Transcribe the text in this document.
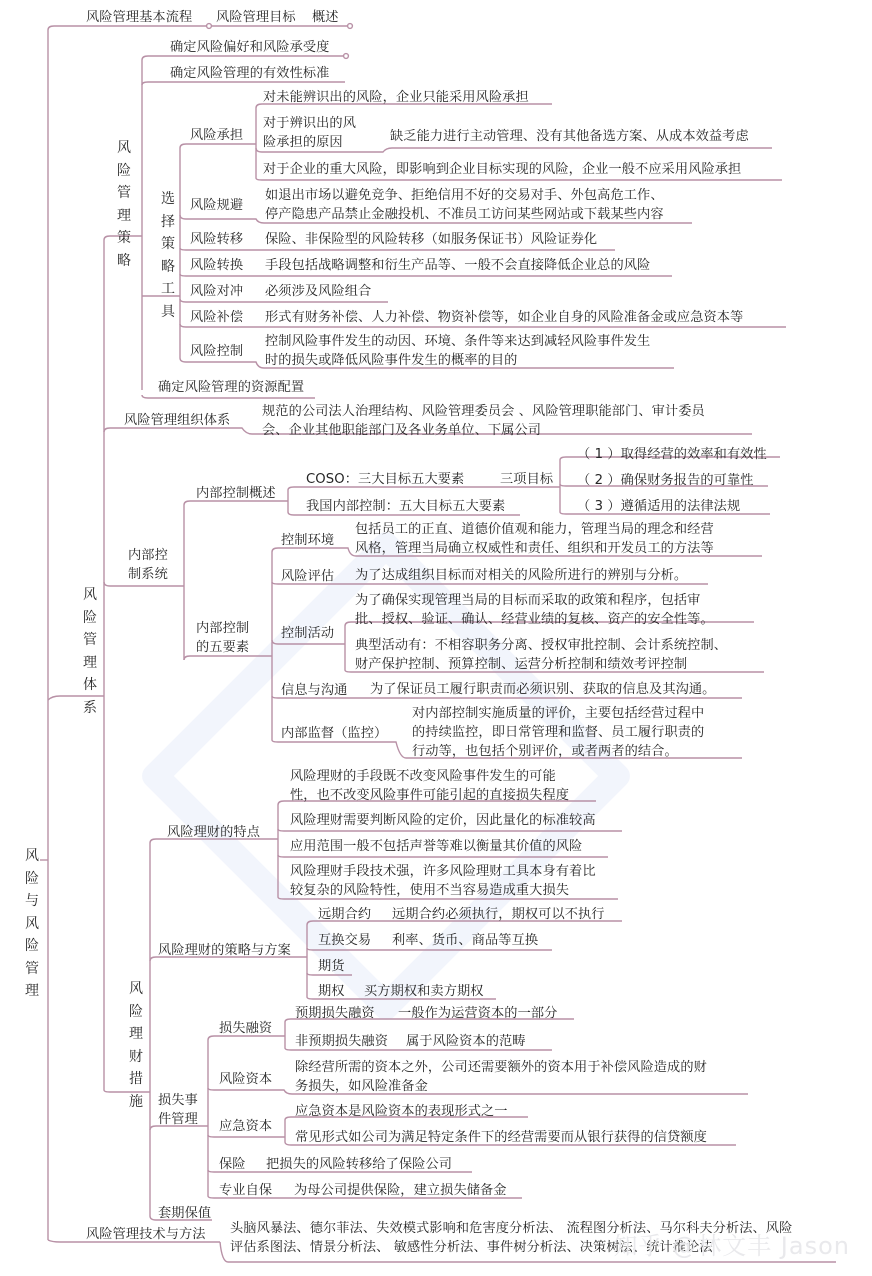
风险与风险管理
风险管理基本流程 风险管理目标 概述
风险管理策略
确定风险偏好和风险承受度
确定风险管理的有效性标准
选择策略工具
确定风险管理的资源配置
风险承担
对未能辨识出的风险，企业只能采用风险承担
对于辨识出的风
险承担的原因	缺乏能力进行主动管理、没有其他备选方案、从成本效益考虑
对于企业的重大风险，即影响到企业目标实现的风险，企业一般不应采用风险承担
风险规避
如退出市场以避免竞争、拒绝信用不好的交易对手、外包高危工作、
停产隐患产品禁止金融投机、不准员工访问某些网站或下载某些内容
风险转移 保险、非保险型的风险转移（如服务保证书）风险证券化
风险转换 手段包括战略调整和衍生产品等、一般不会直接降低企业总的风险
风险对冲 必须涉及风险组合
风险补偿 形式有财务补偿、人力补偿、物资补偿等，如企业自身的风险准备金或应急资本等
风险控制
控制风险事件发生的动因、环境、条件等来达到减轻风险事件发生
时的损失或降低风险事件发生的概率的目的
风险管理体系
风险管理组织体系
规范的公司法人治理结构、风险管理委员会 、风险管理职能部门、审计委员
会、企业其他职能部门及各业务单位、下属公司
内部控
制系统
内部控制概述
COSO：三大目标五大要素	三项目标
（ 1 ）取得经营的效率和有效性
（ 2 ）确保财务报告的可靠性
（ 3 ）遵循适用的法律法规
我国内部控制：五大目标五大要素
内部控制
的五要素
控制环境
包括员工的正直、道德价值观和能力，管理当局的理念和经营
风格，管理当局确立权威性和责任、组织和开发员工的方法等
风险评估 为了达成组织目标而对相关的风险所进行的辨别与分析。
控制活动
为了确保实现管理当局的目标而采取的政策和程序，包括审
批、授权、验证、确认、经营业绩的复核、资产的安全性等。
典型活动有：不相容职务分离、授权审批控制、会计系统控制、
财产保护控制、预算控制、运营分析控制和绩效考评控制
信息与沟通 为了保证员工履行职责而必须识别、获取的信息及其沟通。
内部监督（监控）
对内部控制实施质量的评价，主要包括经营过程中
的持续监控，即日常管理和监督、员工履行职责的
行动等，也包括个别评价，或者两者的结合。
风险理财措施
风险理财的特点
风险理财的手段既不改变风险事件发生的可能
性，也不改变风险事件可能引起的直接损失程度
风险理财需要判断风险的定价，因此量化的标准较高
应用范围一般不包括声誉等难以衡量其价值的风险
风险理财手段技术强，许多风险理财工具本身有着比
较复杂的风险特性，使用不当容易造成重大损失
风险理财的策略与方案
远期合约 远期合约必须执行，期权可以不执行
互换交易 利率、货币、商品等互换
期货
期权 买方期权和卖方期权
损失事
件管理
损失融资
预期损失融资 一般作为运营资本的一部分
非预期损失融资 属于风险资本的范畴
风险资本
除经营所需的资本之外，公司还需要额外的资本用于补偿风险造成的财
务损失，如风险准备金
应急资本
应急资本是风险资本的表现形式之一
常见形式如公司为满足特定条件下的经营需要而从银行获得的信贷额度
保险 把损失的风险转移给了保险公司
专业自保 为母公司提供保险，建立损失储备金
套期保值
风险管理技术与方法 头脑风暴法、德尔菲法、失效模式影响和危害度分析法、 流程图分析法、马尔科夫分析法、风险
评估系图法、情景分析法、 敏感性分析法、事件树分析法、决策树法、统计推论法
知乎 @林文丰 Jason
